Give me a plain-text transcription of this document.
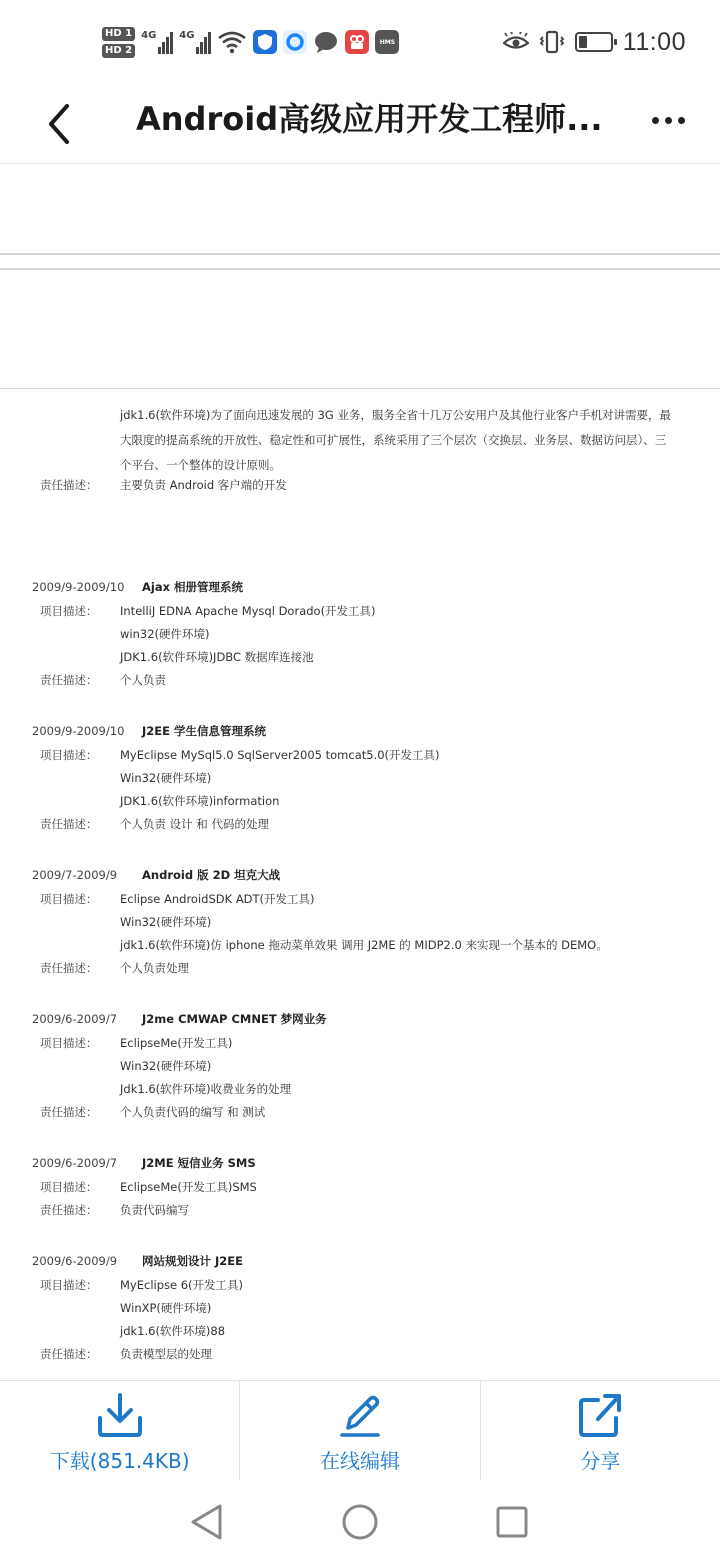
HD 1
HD 2
4G 4G
HMS	11:00
Android高级应用开发工程师...
jdk1.6(软件环境)为了面向迅速发展的 3G 业务，服务全省十几万公安用户及其他行业客户手机对讲需要，最大限度的提高系统的开放性、稳定性和可扩展性，系统采用了三个层次（交换层、业务层、数据访问层）、三个平台、一个整体的设计原则。
责任描述：	主要负责 Android 客户端的开发
2009/9-2009/10 Ajax 相册管理系统
项目描述：	IntelliJ EDNA Apache Mysql Dorado(开发工具)
win32(硬件环境)
JDK1.6(软件环境)JDBC 数据库连接池
责任描述：	个人负责
2009/9-2009/10 J2EE 学生信息管理系统
项目描述：	MyEclipse MySql5.0 SqlServer2005 tomcat5.0(开发工具)
Win32(硬件环境)
JDK1.6(软件环境)information
责任描述：	个人负责 设计 和 代码的处理
2009/7-2009/9 Android 版 2D 坦克大战
项目描述：	Eclipse AndroidSDK ADT(开发工具)
Win32(硬件环境)
jdk1.6(软件环境)仿 iphone 拖动菜单效果 调用 J2ME 的 MIDP2.0 来实现一个基本的 DEMO。
责任描述：	个人负责处理
2009/6-2009/7 J2me CMWAP CMNET 梦网业务
项目描述：	EclipseMe(开发工具)
Win32(硬件环境)
Jdk1.6(软件环境)收费业务的处理
责任描述：	个人负责代码的编写 和 测试
2009/6-2009/7 J2ME 短信业务 SMS
项目描述：	EclipseMe(开发工具)SMS
责任描述：	负责代码编写
2009/6-2009/9 网站规划设计 J2EE
项目描述：	MyEclipse 6(开发工具)
WinXP(硬件环境)
jdk1.6(软件环境)88
责任描述：	负责模型层的处理
下载(851.4KB)	在线编辑	分享
